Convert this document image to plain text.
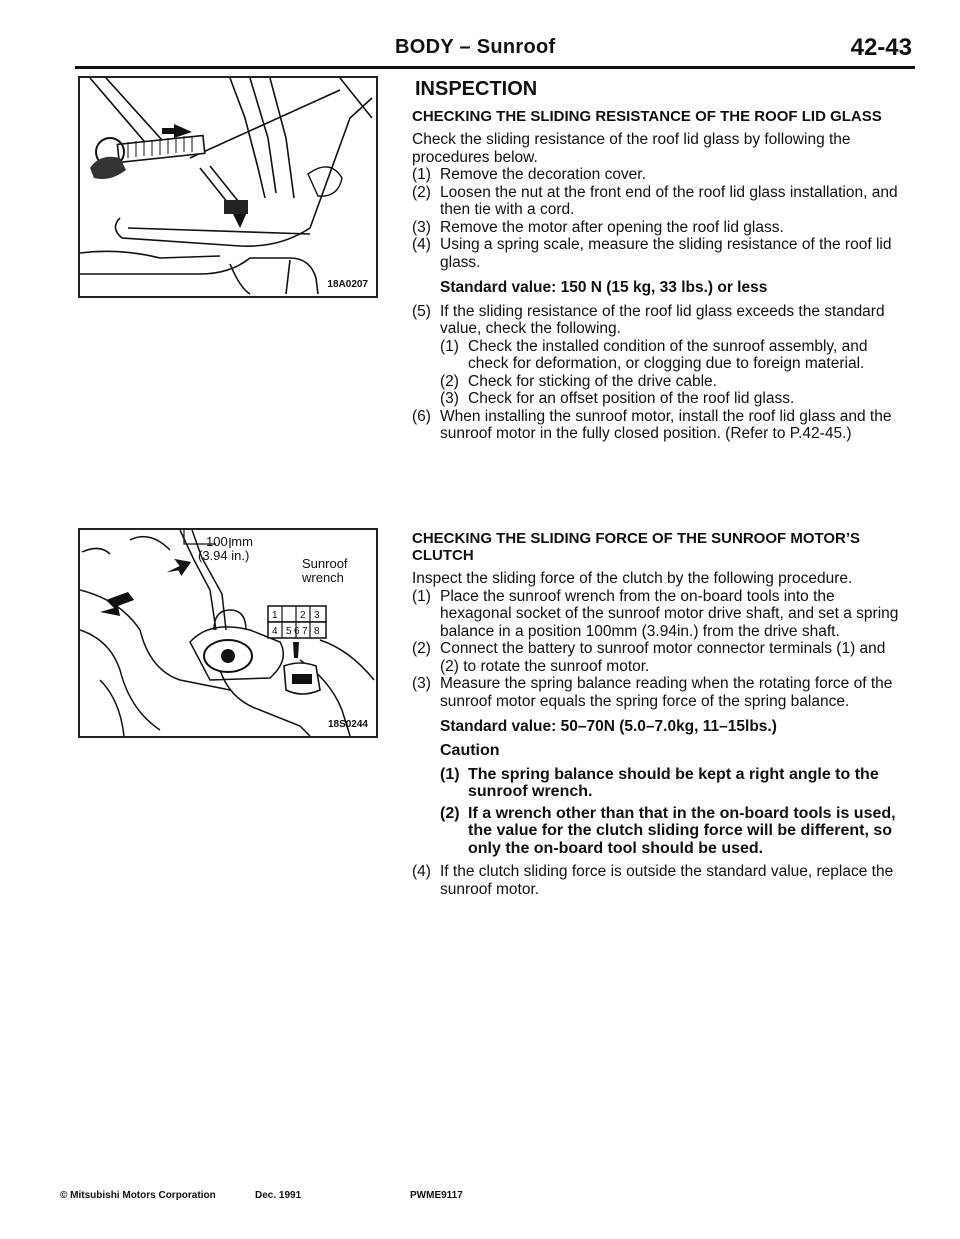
BODY – Sunroof	42-43
18A0207
100 mm
(3.94 in.)
Sunroof
wrench
1 2 3
4 5 6 7 8
18S0244
INSPECTION
CHECKING THE SLIDING RESISTANCE OF THE ROOF LID GLASS

Check the sliding resistance of the roof lid glass by following the procedures below.

(1) Remove the decoration cover.
(2) Loosen the nut at the front end of the roof lid glass installation, and then tie with a cord.
(3) Remove the motor after opening the roof lid glass.
(4) Using a spring scale, measure the sliding resistance of the roof lid glass.

Standard value: 150 N (15 kg, 33 lbs.) or less

(5) If the sliding resistance of the roof lid glass exceeds the standard value, check the following.
(1) Check the installed condition of the sunroof assembly, and check for deformation, or clogging due to foreign material.
(2) Check for sticking of the drive cable.
(3) Check for an offset position of the roof lid glass.
(6) When installing the sunroof motor, install the roof lid glass and the sunroof motor in the fully closed position. (Refer to P.42-45.)
CHECKING THE SLIDING FORCE OF THE SUNROOF MOTOR’S CLUTCH

Inspect the sliding force of the clutch by the following procedure.

(1) Place the sunroof wrench from the on-board tools into the hexagonal socket of the sunroof motor drive shaft, and set a spring balance in a position 100mm (3.94in.) from the drive shaft.
(2) Connect the battery to sunroof motor connector terminals (1) and (2) to rotate the sunroof motor.
(3) Measure the spring balance reading when the rotating force of the sunroof motor equals the spring force of the spring balance.

Standard value: 50–70N (5.0–7.0kg, 11–15lbs.)

Caution
(1) The spring balance should be kept a right angle to the sunroof wrench.
(2) If a wrench other than that in the on-board tools is used, the value for the clutch sliding force will be different, so only the on-board tool should be used.
(4) If the clutch sliding force is outside the standard value, replace the sunroof motor.
© Mitsubishi Motors Corporation	Dec. 1991	PWME9117
